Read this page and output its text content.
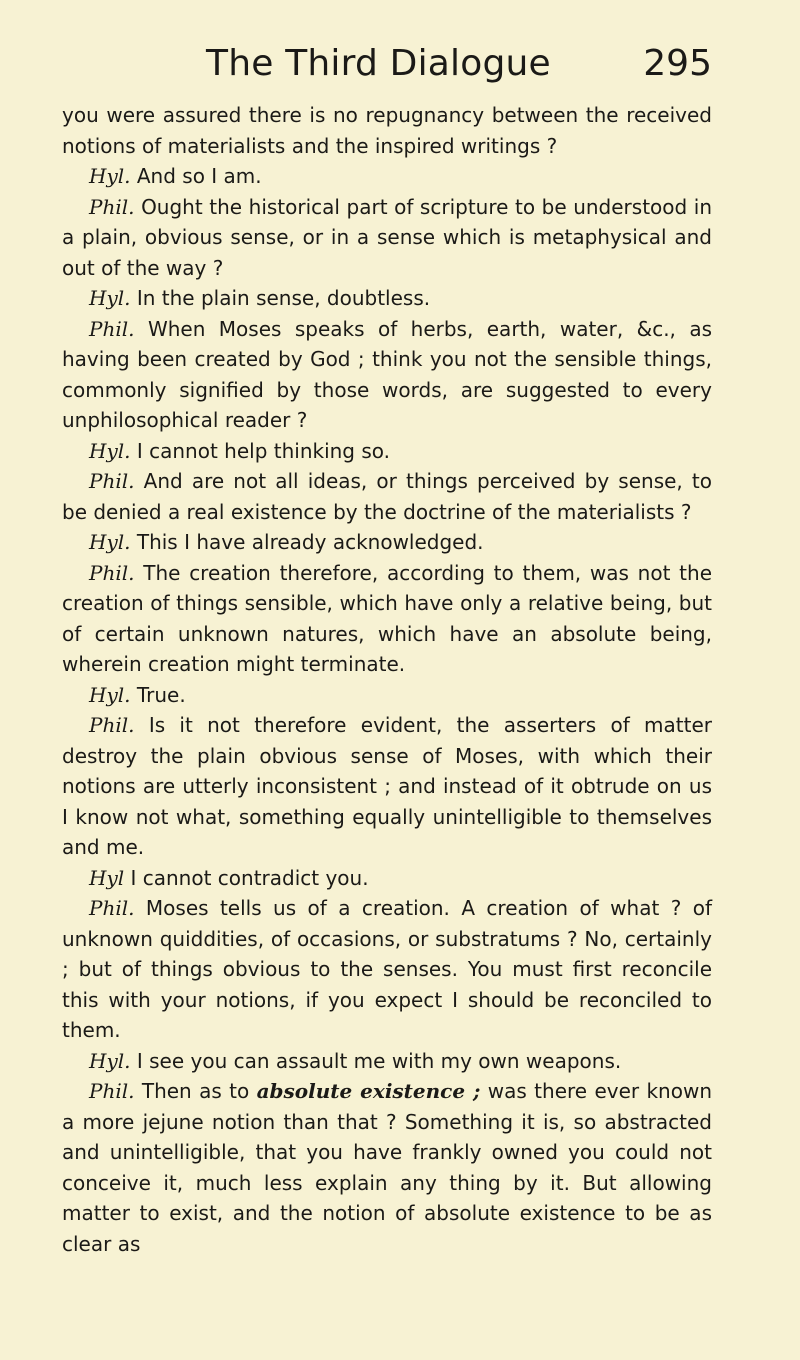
The Third Dialogue	295

you were assured there is no repugnancy between the received notions of materialists and the inspired writings ?

Hyl. And so I am.

Phil. Ought the historical part of scripture to be understood in a plain, obvious sense, or in a sense which is metaphysical and out of the way ?

Hyl. In the plain sense, doubtless.

Phil. When Moses speaks of herbs, earth, water, &c., as having been created by God ; think you not the sensible things, commonly signified by those words, are suggested to every unphilosophical reader ?

Hyl. I cannot help thinking so.

Phil. And are not all ideas, or things perceived by sense, to be denied a real existence by the doctrine of the materialists ?

Hyl. This I have already acknowledged.

Phil. The creation therefore, according to them, was not the creation of things sensible, which have only a relative being, but of certain unknown natures, which have an absolute being, wherein creation might terminate.

Hyl. True.

Phil. Is it not therefore evident, the asserters of matter destroy the plain obvious sense of Moses, with which their notions are utterly inconsistent ; and instead of it obtrude on us I know not what, something equally unintelligible to themselves and me.

Hyl I cannot contradict you.

Phil. Moses tells us of a creation. A creation of what ? of unknown quiddities, of occasions, or substratums ? No, certainly ; but of things obvious to the senses. You must first reconcile this with your notions, if you expect I should be reconciled to them.

Hyl. I see you can assault me with my own weapons.

Phil. Then as to absolute existence ; was there ever known a more jejune notion than that ? Something it is, so abstracted and unintelligible, that you have frankly owned you could not conceive it, much less explain any thing by it. But allowing matter to exist, and the notion of absolute existence to be as clear as
